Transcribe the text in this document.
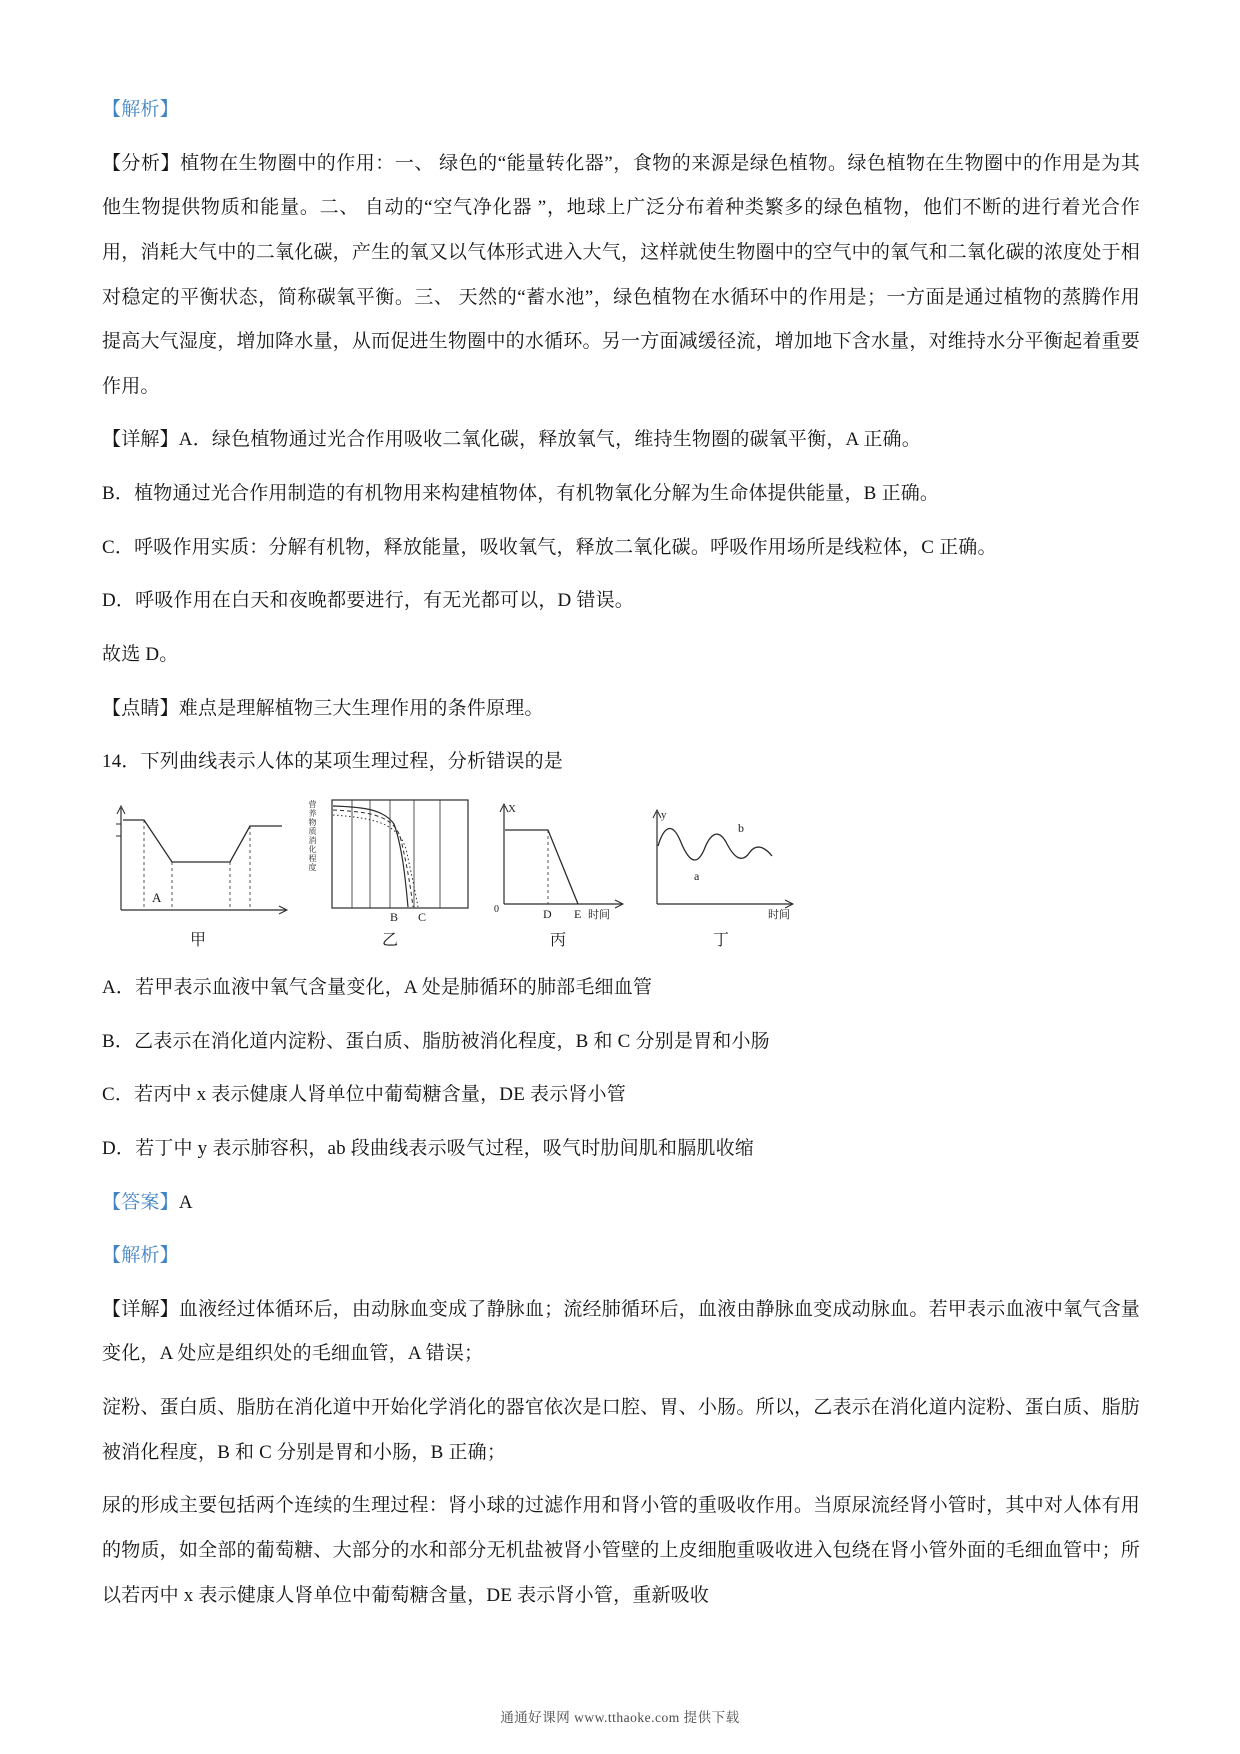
【解析】

【分析】植物在生物圈中的作用：一、 绿色的“能量转化器”，食物的来源是绿色植物。绿色植物在生物圈中的作用是为其他生物提供物质和能量。二、 自动的“空气净化器 ”，地球上广泛分布着种类繁多的绿色植物，他们不断的进行着光合作用，消耗大气中的二氧化碳，产生的氧又以气体形式进入大气，这样就使生物圈中的空气中的氧气和二氧化碳的浓度处于相对稳定的平衡状态，简称碳氧平衡。三、 天然的“蓄水池”，绿色植物在水循环中的作用是；一方面是通过植物的蒸腾作用提高大气湿度，增加降水量，从而促进生物圈中的水循环。另一方面减缓径流，增加地下含水量，对维持水分平衡起着重要作用。

【详解】A．绿色植物通过光合作用吸收二氧化碳，释放氧气，维持生物圈的碳氧平衡，A 正确。

B．植物通过光合作用制造的有机物用来构建植物体，有机物氧化分解为生命体提供能量，B 正确。

C．呼吸作用实质：分解有机物，释放能量，吸收氧气，释放二氧化碳。呼吸作用场所是线粒体，C 正确。

D．呼吸作用在白天和夜晚都要进行，有无光都可以，D 错误。

故选 D。

【点睛】难点是理解植物三大生理作用的条件原理。

14．下列曲线表示人体的某项生理过程，分析错误的是

A
甲
营养物质消化程度
B C
乙
X
0	D E 时间
丙
y
a
b
时间
丁

A．若甲表示血液中氧气含量变化，A 处是肺循环的肺部毛细血管

B．乙表示在消化道内淀粉、蛋白质、脂肪被消化程度，B 和 C 分别是胃和小肠

C．若丙中 x 表示健康人肾单位中葡萄糖含量，DE 表示肾小管

D．若丁中 y 表示肺容积，ab 段曲线表示吸气过程，吸气时肋间肌和膈肌收缩

【答案】A

【解析】

【详解】血液经过体循环后，由动脉血变成了静脉血；流经肺循环后，血液由静脉血变成动脉血。若甲表示血液中氧气含量变化，A 处应是组织处的毛细血管，A 错误；

淀粉、蛋白质、脂肪在消化道中开始化学消化的器官依次是口腔、胃、小肠。所以，乙表示在消化道内淀粉、蛋白质、脂肪被消化程度，B 和 C 分别是胃和小肠，B 正确；

尿的形成主要包括两个连续的生理过程：肾小球的过滤作用和肾小管的重吸收作用。当原尿流经肾小管时，其中对人体有用的物质，如全部的葡萄糖、大部分的水和部分无机盐被肾小管壁的上皮细胞重吸收进入包绕在肾小管外面的毛细血管中；所以若丙中 x 表示健康人肾单位中葡萄糖含量，DE 表示肾小管，重新吸收

通通好课网 www.tthaoke.com 提供下载
